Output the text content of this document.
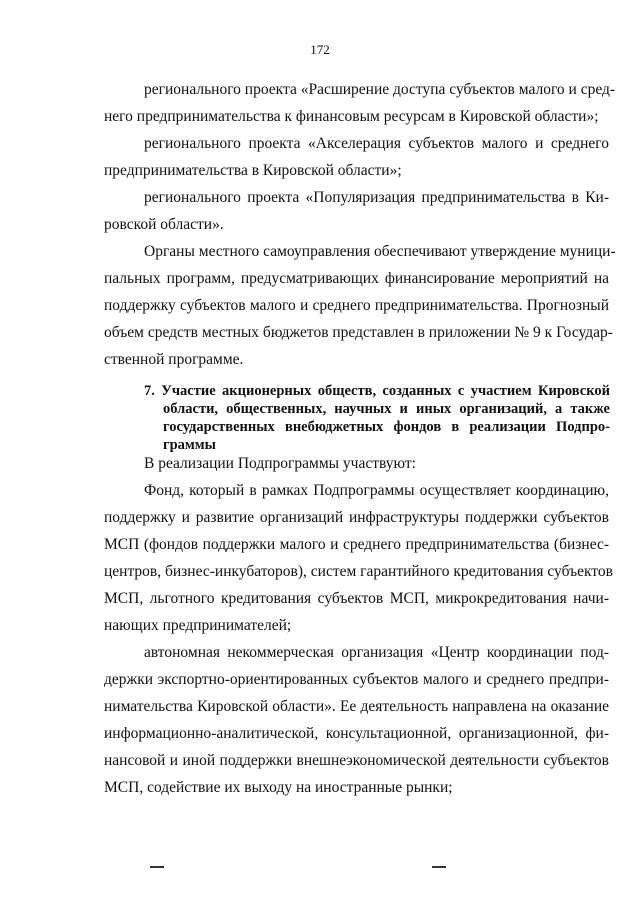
172
регионального проекта «Расширение доступа субъектов малого и сред-
него предпринимательства к финансовым ресурсам в Кировской области»;
регионального проекта «Акселерация субъектов малого и среднего
предпринимательства в Кировской области»;
регионального проекта «Популяризация предпринимательства в Ки-
ровской области».
Органы местного самоуправления обеспечивают утверждение муници-
пальных программ, предусматривающих финансирование мероприятий на
поддержку субъектов малого и среднего предпринимательства. Прогнозный
объем средств местных бюджетов представлен в приложении № 9 к Государ-
ственной программе.
7. Участие акционерных обществ, созданных с участием Кировской
области, общественных, научных и иных организаций, а также
государственных внебюджетных фондов в реализации Подпро-
граммы
В реализации Подпрограммы участвуют:
Фонд, который в рамках Подпрограммы осуществляет координацию,
поддержку и развитие организаций инфраструктуры поддержки субъектов
МСП (фондов поддержки малого и среднего предпринимательства (бизнес-
центров, бизнес-инкубаторов), систем гарантийного кредитования субъектов
МСП, льготного кредитования субъектов МСП, микрокредитования начи-
нающих предпринимателей;
автономная некоммерческая организация «Центр координации под-
держки экспортно-ориентированных субъектов малого и среднего предпри-
нимательства Кировской области». Ее деятельность направлена на оказание
информационно-аналитической, консультационной, организационной, фи-
нансовой и иной поддержки внешнеэкономической деятельности субъектов
МСП, содействие их выходу на иностранные рынки;
